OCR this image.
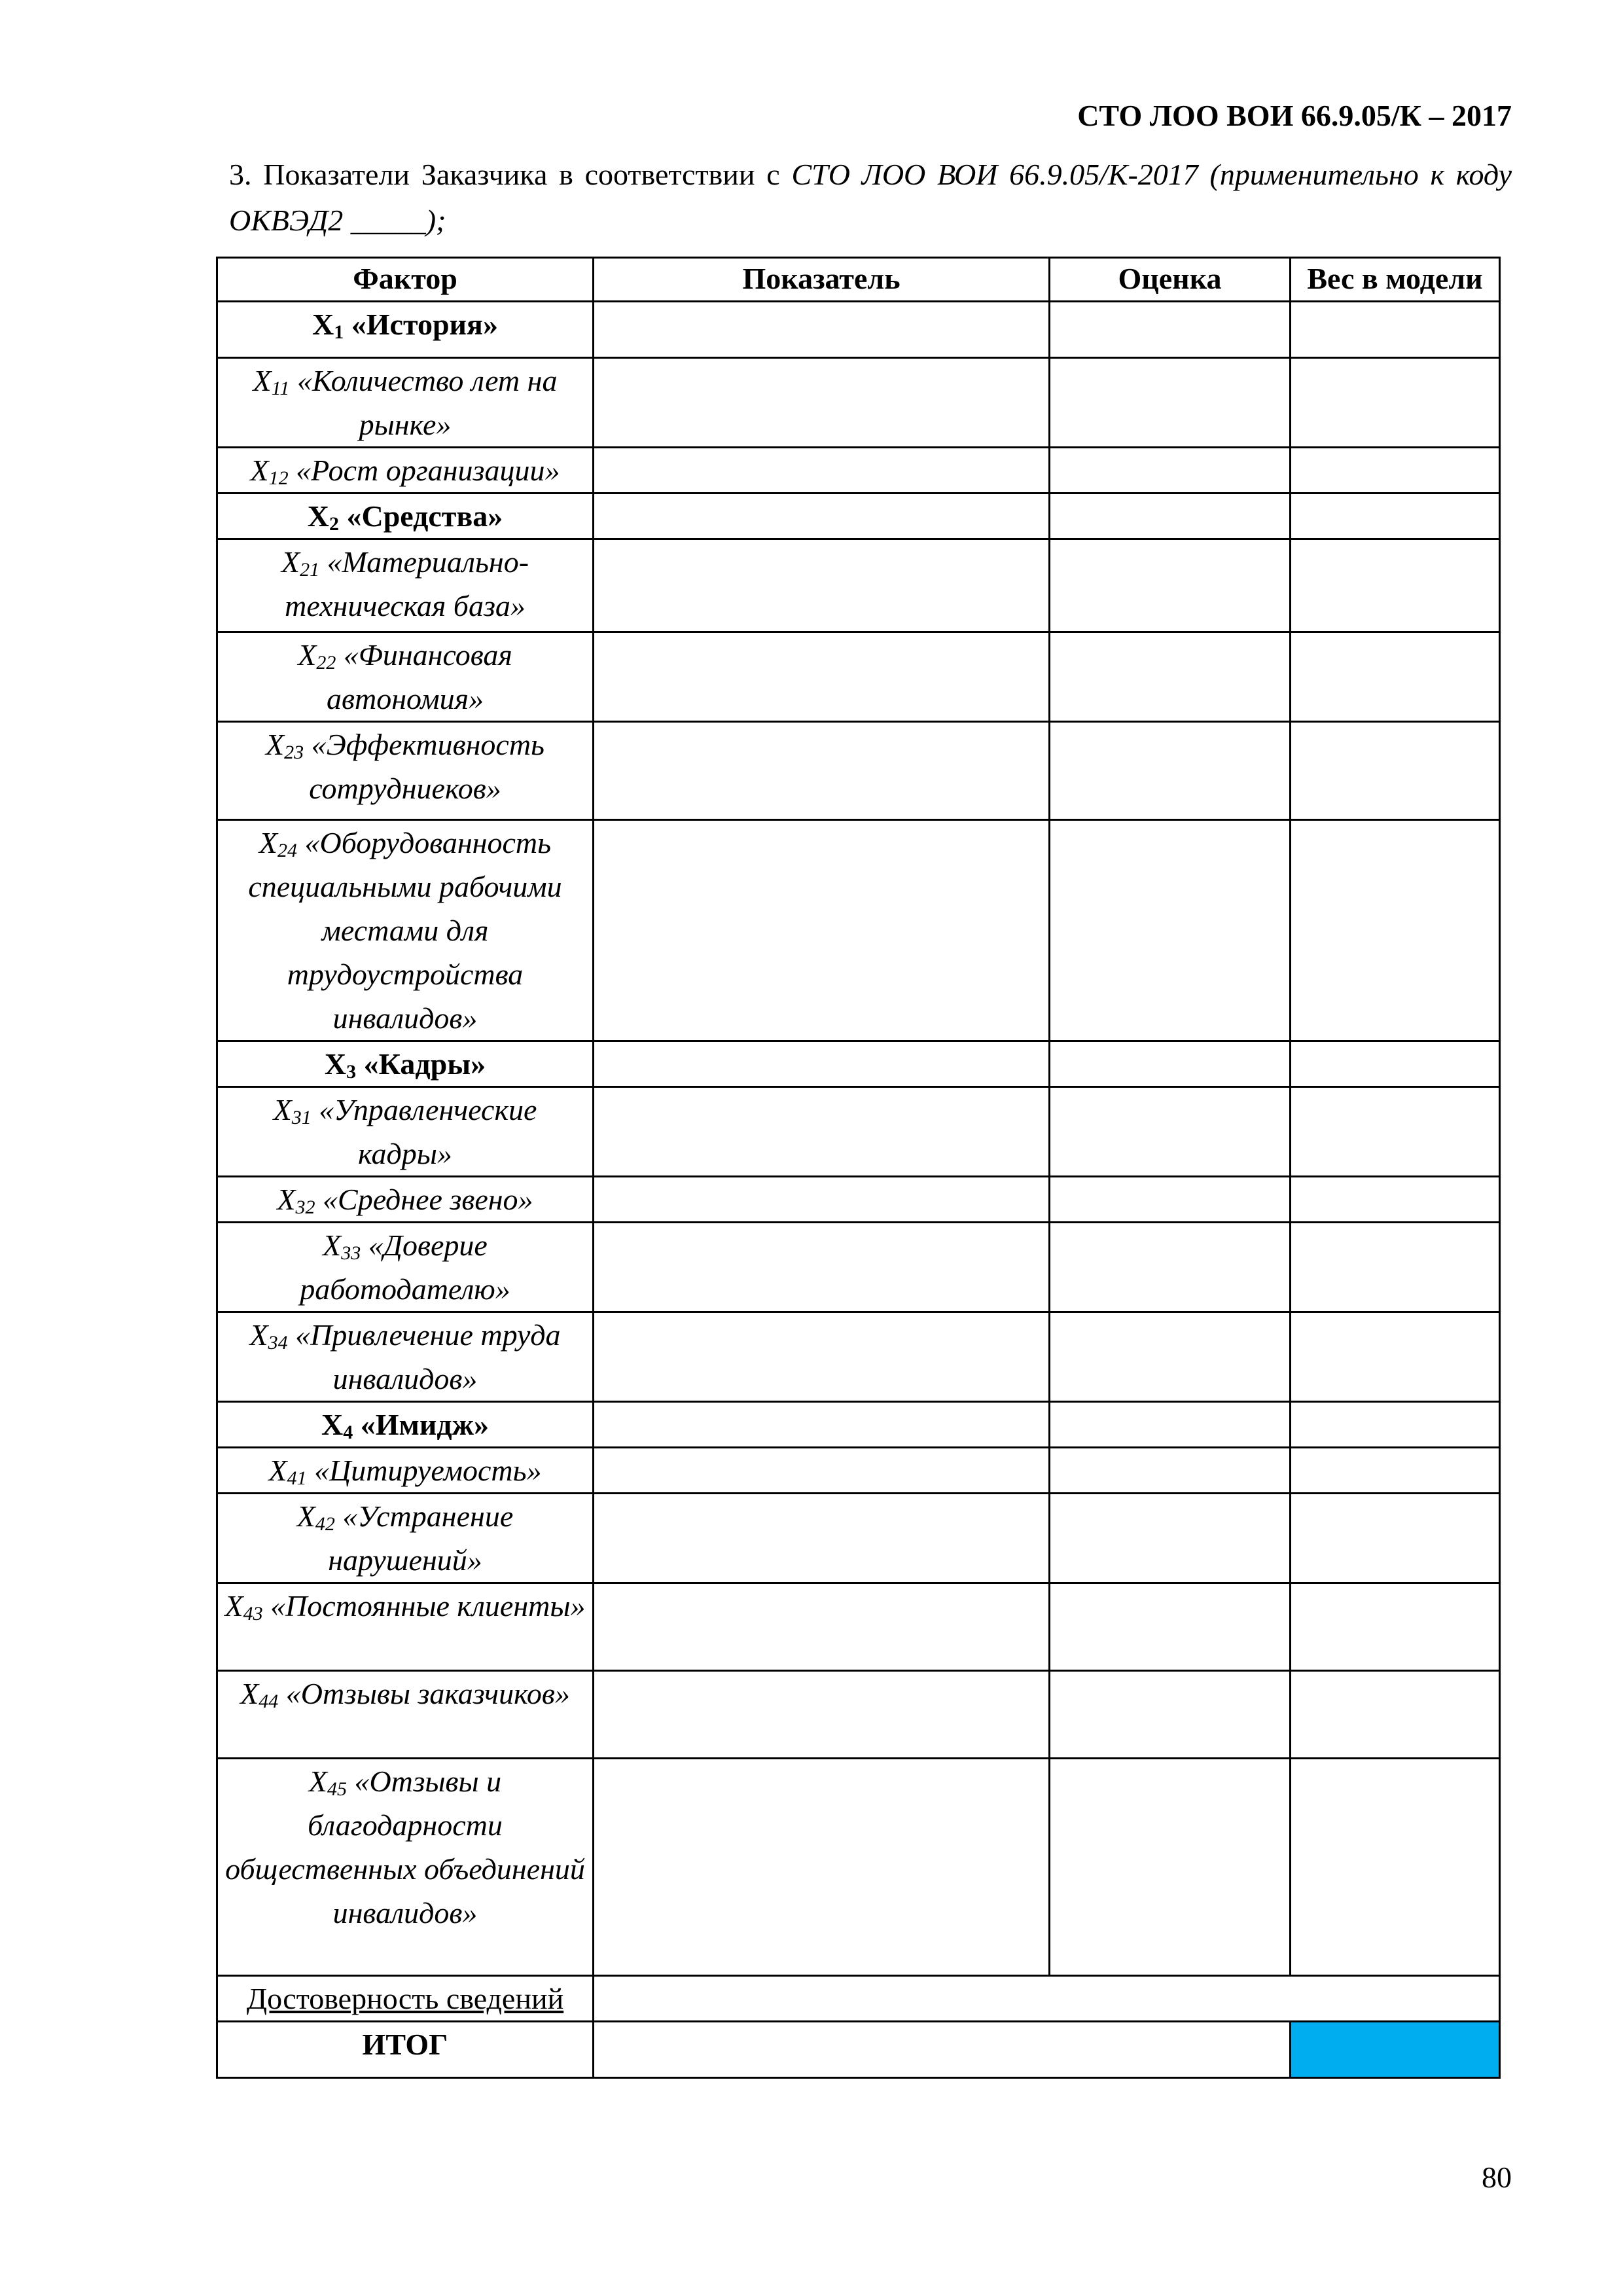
СТО ЛОО ВОИ 66.9.05/К – 2017
3. Показатели Заказчика в соответствии с СТО ЛОО ВОИ 66.9.05/К-2017 (применительно к коду ОКВЭД2 _____);
Фактор	Показатель	Оценка	Вес в модели
$X_1$ «История»			
$X_{11}$ «Количество лет на рынке»			
$X_{12}$ «Рост организации»			
$X_2$ «Средства»			
$X_{21}$ «Материально-техническая база»			
$X_{22}$ «Финансовая автономия»			
$X_{23}$ «Эффективность сотрудниеков»			
$X_{24}$ «Оборудованность специальными рабочими местами для трудоустройства инвалидов»			
$X_3$ «Кадры»			
$X_{31}$ «Управленческие кадры»			
$X_{32}$ «Среднее звено»			
$X_{33}$ «Доверие работодателю»			
$X_{34}$ «Привлечение труда инвалидов»			
$X_4$ «Имидж»			
$X_{41}$ «Цитируемость»			
$X_{42}$ «Устранение нарушений»			
$X_{43}$ «Постоянные клиенты»			
$X_{44}$ «Отзывы заказчиков»			
$X_{45}$ «Отзывы и благодарности общественных объединений инвалидов»			
Достоверность сведений			
ИТОГ			
80
